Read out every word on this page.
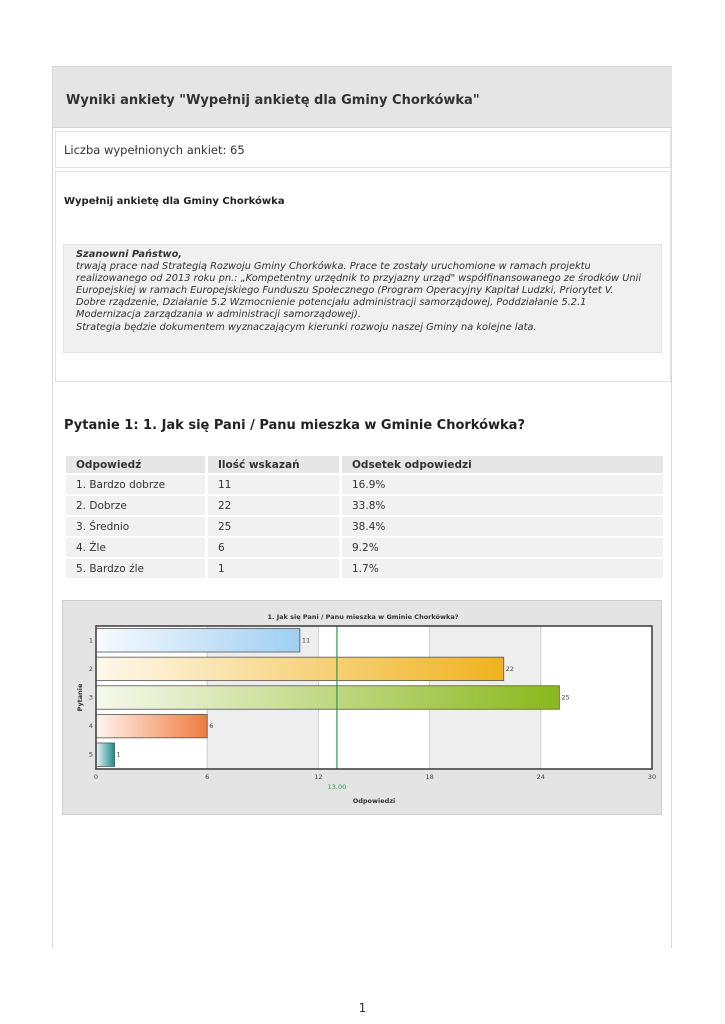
Wyniki ankiety "Wypełnij ankietę dla Gminy Chorkówka"
Liczba wypełnionych ankiet: 65
Wypełnij ankietę dla Gminy Chorkówka
Szanowni Państwo,
trwają prace nad Strategią Rozwoju Gminy Chorkówka. Prace te zostały uruchomione w ramach projektu
realizowanego od 2013 roku pn.: „Kompetentny urzędnik to przyjazny urząd" współfinansowanego ze środków Unii
Europejskiej w ramach Europejskiego Funduszu Społecznego (Program Operacyjny Kapitał Ludzki, Priorytet V.
Dobre rządzenie, Działanie 5.2 Wzmocnienie potencjału administracji samorządowej, Poddziałanie 5.2.1
Modernizacja zarządzania w administracji samorządowej).
Strategia będzie dokumentem wyznaczającym kierunki rozwoju naszej Gminy na kolejne lata.
Pytanie 1: 1. Jak się Pani / Panu mieszka w Gminie Chorkówka?
Odpowiedź	Ilość wskazań	Odsetek odpowiedzi
1. Bardzo dobrze	11	16.9%
2. Dobrze	22	33.8%
3. Średnio	25	38.4%
4. Źle	6	9.2%
5. Bardzo źle	1	1.7%
1. Jak się Pani / Panu mieszka w Gminie Chorkówka?
11
1
22
2
25
3
6
4
1
5
13.00
0	6	12	18	24	30
Odpowiedzi
Pytanie
1
